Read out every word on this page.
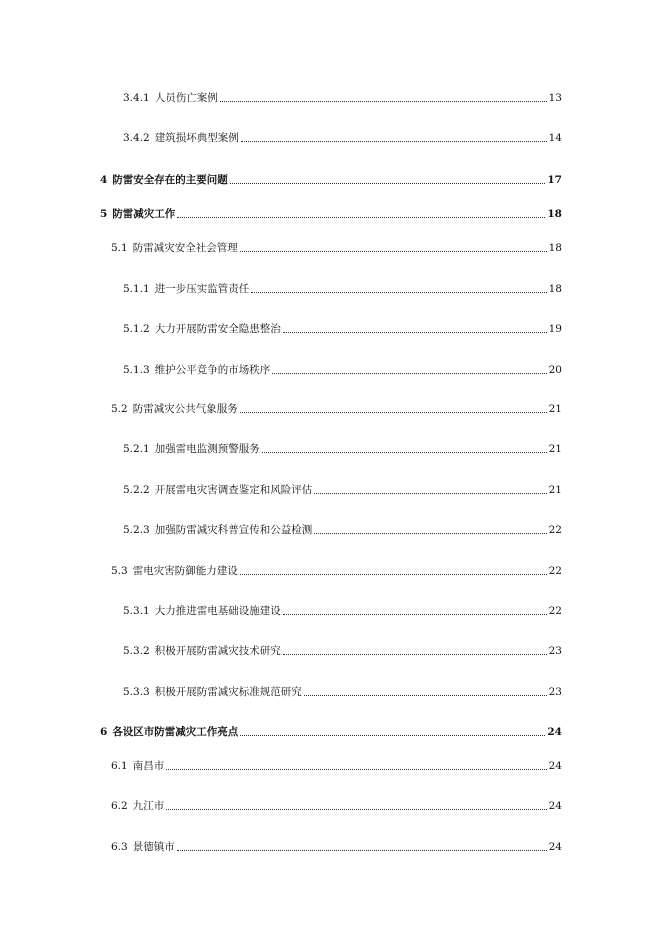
3.4.1 人员伤亡案例	13
3.4.2 建筑损坏典型案例	14
4 防雷安全存在的主要问题	17
5 防雷减灾工作	18
5.1 防雷减灾安全社会管理	18
5.1.1 进一步压实监管责任	18
5.1.2 大力开展防雷安全隐患整治	19
5.1.3 维护公平竞争的市场秩序	20
5.2 防雷减灾公共气象服务	21
5.2.1 加强雷电监测预警服务	21
5.2.2 开展雷电灾害调查鉴定和风险评估	21
5.2.3 加强防雷减灾科普宣传和公益检测	22
5.3 雷电灾害防御能力建设	22
5.3.1 大力推进雷电基础设施建设	22
5.3.2 积极开展防雷减灾技术研究	23
5.3.3 积极开展防雷减灾标准规范研究	23
6 各设区市防雷减灾工作亮点	24
6.1 南昌市	24
6.2 九江市	24
6.3 景德镇市	24
